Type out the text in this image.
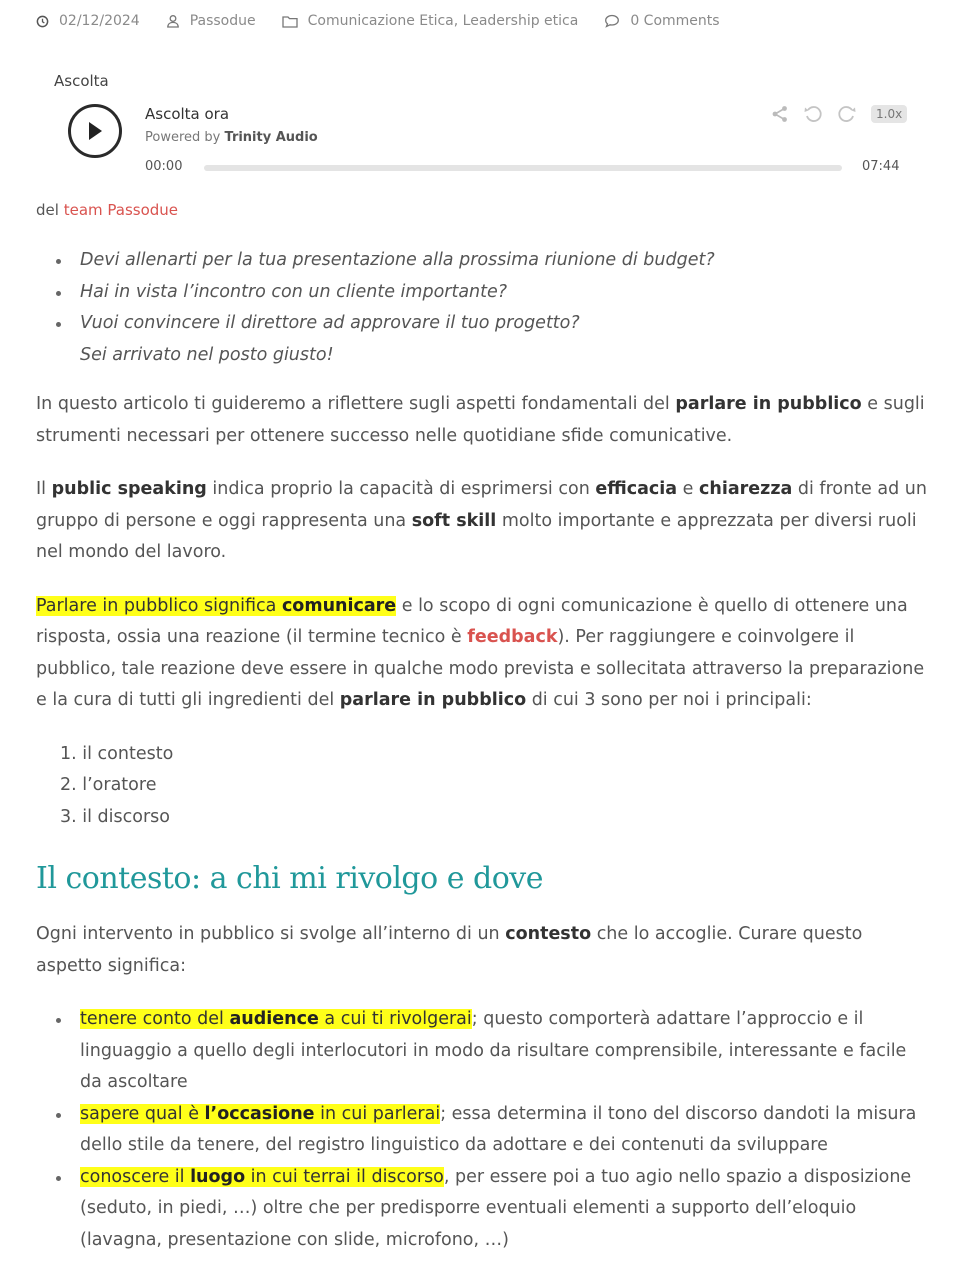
02/12/2024	Passodue	Comunicazione Etica, Leadership etica	0 Comments
Ascolta
Ascolta ora
Powered by Trinity Audio
1.0x
00:00	07:44
del team Passodue
Devi allenarti per la tua presentazione alla prossima riunione di budget?
Hai in vista l’incontro con un cliente importante?
Vuoi convincere il direttore ad approvare il tuo progetto?
Sei arrivato nel posto giusto!

In questo articolo ti guideremo a riflettere sugli aspetti fondamentali del parlare in pubblico e sugli strumenti necessari per ottenere successo nelle quotidiane sfide comunicative.

Il public speaking indica proprio la capacità di esprimersi con efficacia e chiarezza di fronte ad un gruppo di persone e oggi rappresenta una soft skill molto importante e apprezzata per diversi ruoli nel mondo del lavoro.

Parlare in pubblico significa comunicare e lo scopo di ogni comunicazione è quello di ottenere una risposta, ossia una reazione (il termine tecnico è feedback). Per raggiungere e coinvolgere il pubblico, tale reazione deve essere in qualche modo prevista e sollecitata attraverso la preparazione e la cura di tutti gli ingredienti del parlare in pubblico di cui 3 sono per noi i principali:

1. il contesto
2. l’oratore
3. il discorso
Il contesto: a chi mi rivolgo e dove

Ogni intervento in pubblico si svolge all’interno di un contesto che lo accoglie. Curare questo aspetto significa:

tenere conto del audience a cui ti rivolgerai; questo comporterà adattare l’approccio e il linguaggio a quello degli interlocutori in modo da risultare comprensibile, interessante e facile da ascoltare
sapere qual è l’occasione in cui parlerai; essa determina il tono del discorso dandoti la misura dello stile da tenere, del registro linguistico da adottare e dei contenuti da sviluppare
conoscere il luogo in cui terrai il discorso, per essere poi a tuo agio nello spazio a disposizione (seduto, in piedi, …) oltre che per predisporre eventuali elementi a supporto dell’eloquio (lavagna, presentazione con slide, microfono, …)
